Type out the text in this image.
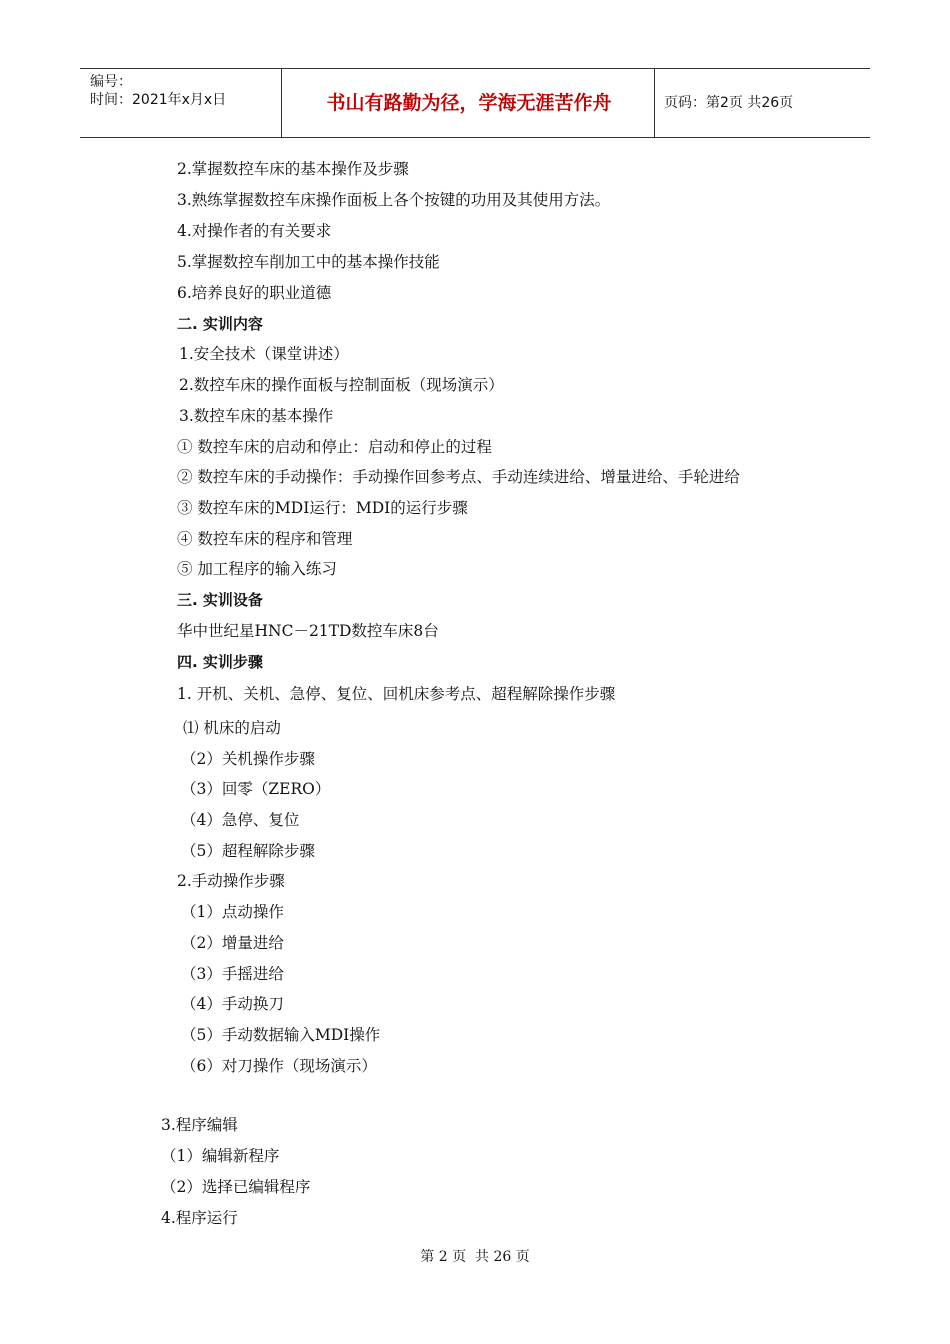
编号：
时间：2021年x月x日	书山有路勤为径，学海无涯苦作舟	页码：第2页 共26页
2.掌握数控车床的基本操作及步骤
3.熟练掌握数控车床操作面板上各个按键的功用及其使用方法。
4.对操作者的有关要求
5.掌握数控车削加工中的基本操作技能
6.培养良好的职业道德
二. 实训内容
1.安全技术（课堂讲述）
2.数控车床的操作面板与控制面板（现场演示）
3.数控车床的基本操作
① 数控车床的启动和停止：启动和停止的过程
② 数控车床的手动操作：手动操作回参考点、手动连续进给、增量进给、手轮进给
③ 数控车床的MDI运行：MDI的运行步骤
④ 数控车床的程序和管理
⑤ 加工程序的输入练习
三. 实训设备
华中世纪星HNC－21TD数控车床8台
四. 实训步骤
1. 开机、关机、急停、复位、回机床参考点、超程解除操作步骤
⑴ 机床的启动
（2）关机操作步骤
（3）回零（ZERO）
（4）急停、复位
（5）超程解除步骤
2.手动操作步骤
（1）点动操作
（2）增量进给
（3）手摇进给
（4）手动换刀
（5）手动数据输入MDI操作
（6）对刀操作（现场演示）
3.程序编辑
（1）编辑新程序
（2）选择已编辑程序
4.程序运行
第 2 页  共 26 页
